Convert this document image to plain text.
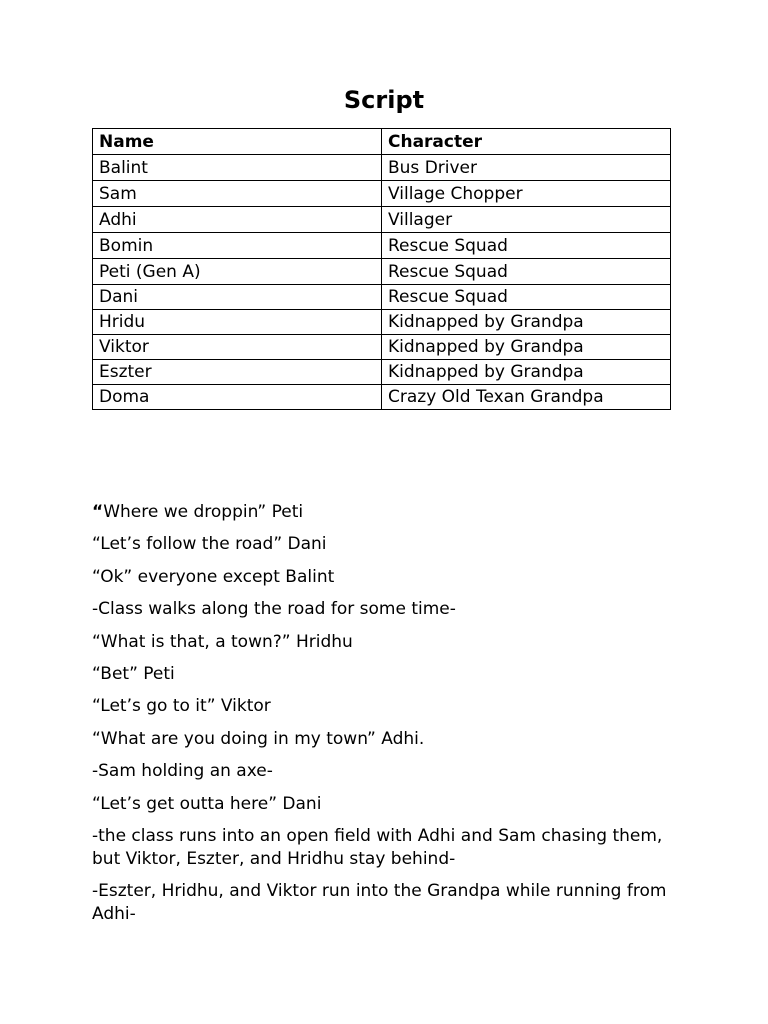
Script
Name	Character
Balint	Bus Driver
Sam	Village Chopper
Adhi	Villager
Bomin	Rescue Squad
Peti (Gen A)	Rescue Squad
Dani	Rescue Squad
Hridu	Kidnapped by Grandpa
Viktor	Kidnapped by Grandpa
Eszter	Kidnapped by Grandpa
Doma	Crazy Old Texan Grandpa

“Where we droppin” Peti

“Let’s follow the road” Dani

“Ok” everyone except Balint

-Class walks along the road for some time-

“What is that, a town?” Hridhu

“Bet” Peti

“Let’s go to it” Viktor

“What are you doing in my town” Adhi.

-Sam holding an axe-

“Let’s get outta here” Dani

-the class runs into an open field with Adhi and Sam chasing them, but Viktor, Eszter, and Hridhu stay behind-

-Eszter, Hridhu, and Viktor run into the Grandpa while running from Adhi-
